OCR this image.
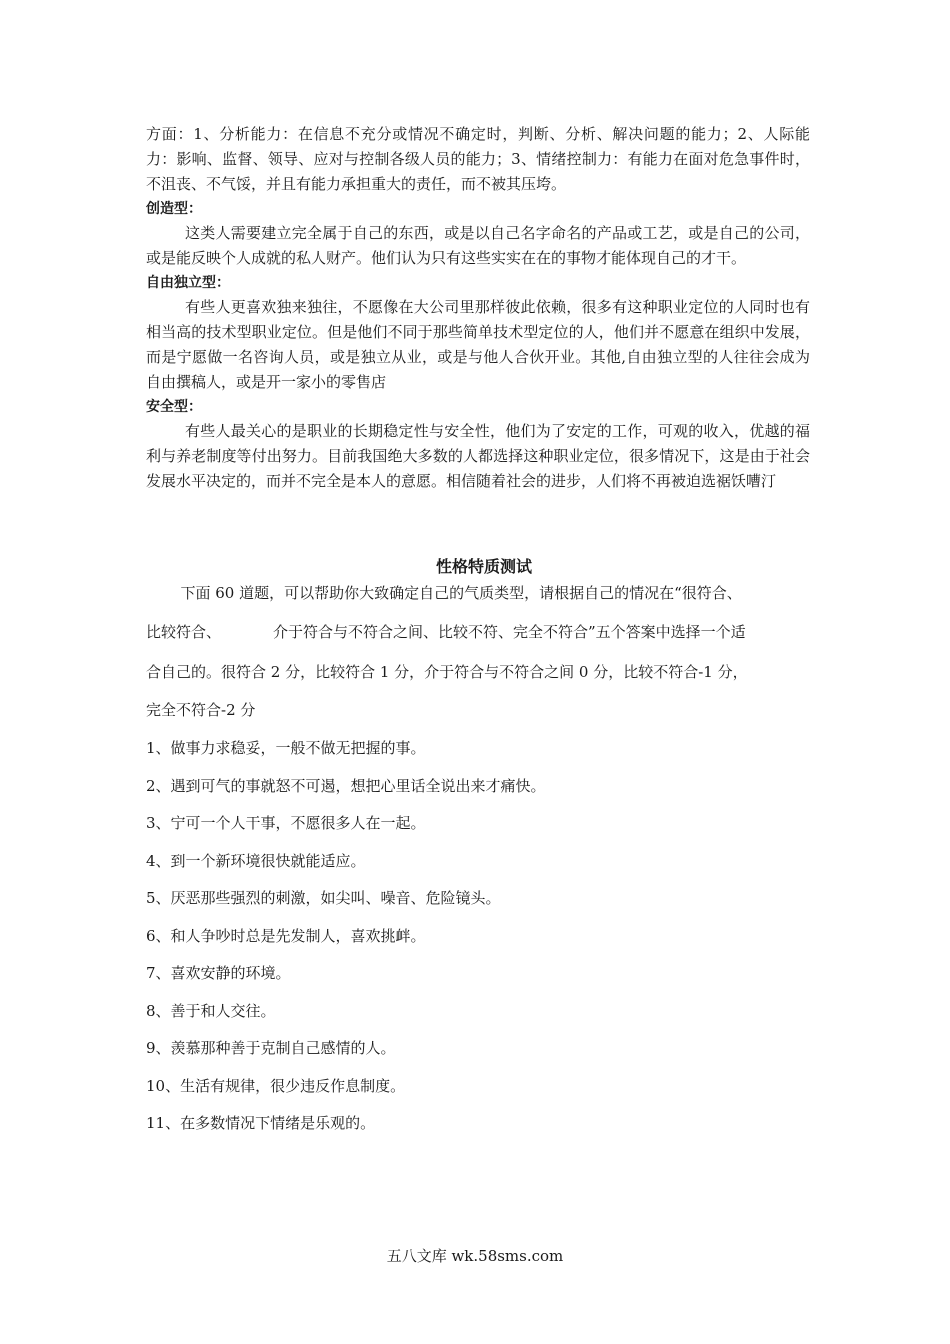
方面：1、分析能力：在信息不充分或情况不确定时，判断、分析、解决问题的能力；2、人际能力：影响、监督、领导、应对与控制各级人员的能力；3、情绪控制力：有能力在面对危急事件时，不沮丧、不气馁，并且有能力承担重大的责任，而不被其压垮。

创造型：

这类人需要建立完全属于自己的东西，或是以自己名字命名的产品或工艺，或是自己的公司，或是能反映个人成就的私人财产。他们认为只有这些实实在在的事物才能体现自己的才干。

自由独立型：

有些人更喜欢独来独往，不愿像在大公司里那样彼此依赖，很多有这种职业定位的人同时也有相当高的技术型职业定位。但是他们不同于那些简单技术型定位的人，他们并不愿意在组织中发展，而是宁愿做一名咨询人员，或是独立从业，或是与他人合伙开业。其他,自由独立型的人往往会成为自由撰稿人，或是开一家小的零售店

安全型：

有些人最关心的是职业的长期稳定性与安全性，他们为了安定的工作，可观的收入，优越的福利与养老制度等付出努力。目前我国绝大多数的人都选择这种职业定位，很多情况下，这是由于社会发展水平决定的，而并不完全是本人的意愿。相信随着社会的进步，人们将不再被迫选裾饫嘈汀

性格特质测试

下面 60 道题，可以帮助你大致确定自己的气质类型，请根据自己的情况在“很符合、

比较符合、	介于符合与不符合之间、比较不符、完全不符合”五个答案中选择一个适

合自己的。很符合 2 分，比较符合 1 分，介于符合与不符合之间 0 分，比较不符合-1 分，

完全不符合-2 分

1、做事力求稳妥，一般不做无把握的事。

2、遇到可气的事就怒不可遏，想把心里话全说出来才痛快。

3、宁可一个人干事，不愿很多人在一起。

4、到一个新环境很快就能适应。

5、厌恶那些强烈的刺激，如尖叫、噪音、危险镜头。

6、和人争吵时总是先发制人，喜欢挑衅。

7、喜欢安静的环境。

8、善于和人交往。

9、羡慕那种善于克制自己感情的人。

10、生活有规律，很少违反作息制度。

11、在多数情况下情绪是乐观的。

五八文库 wk.58sms.com
